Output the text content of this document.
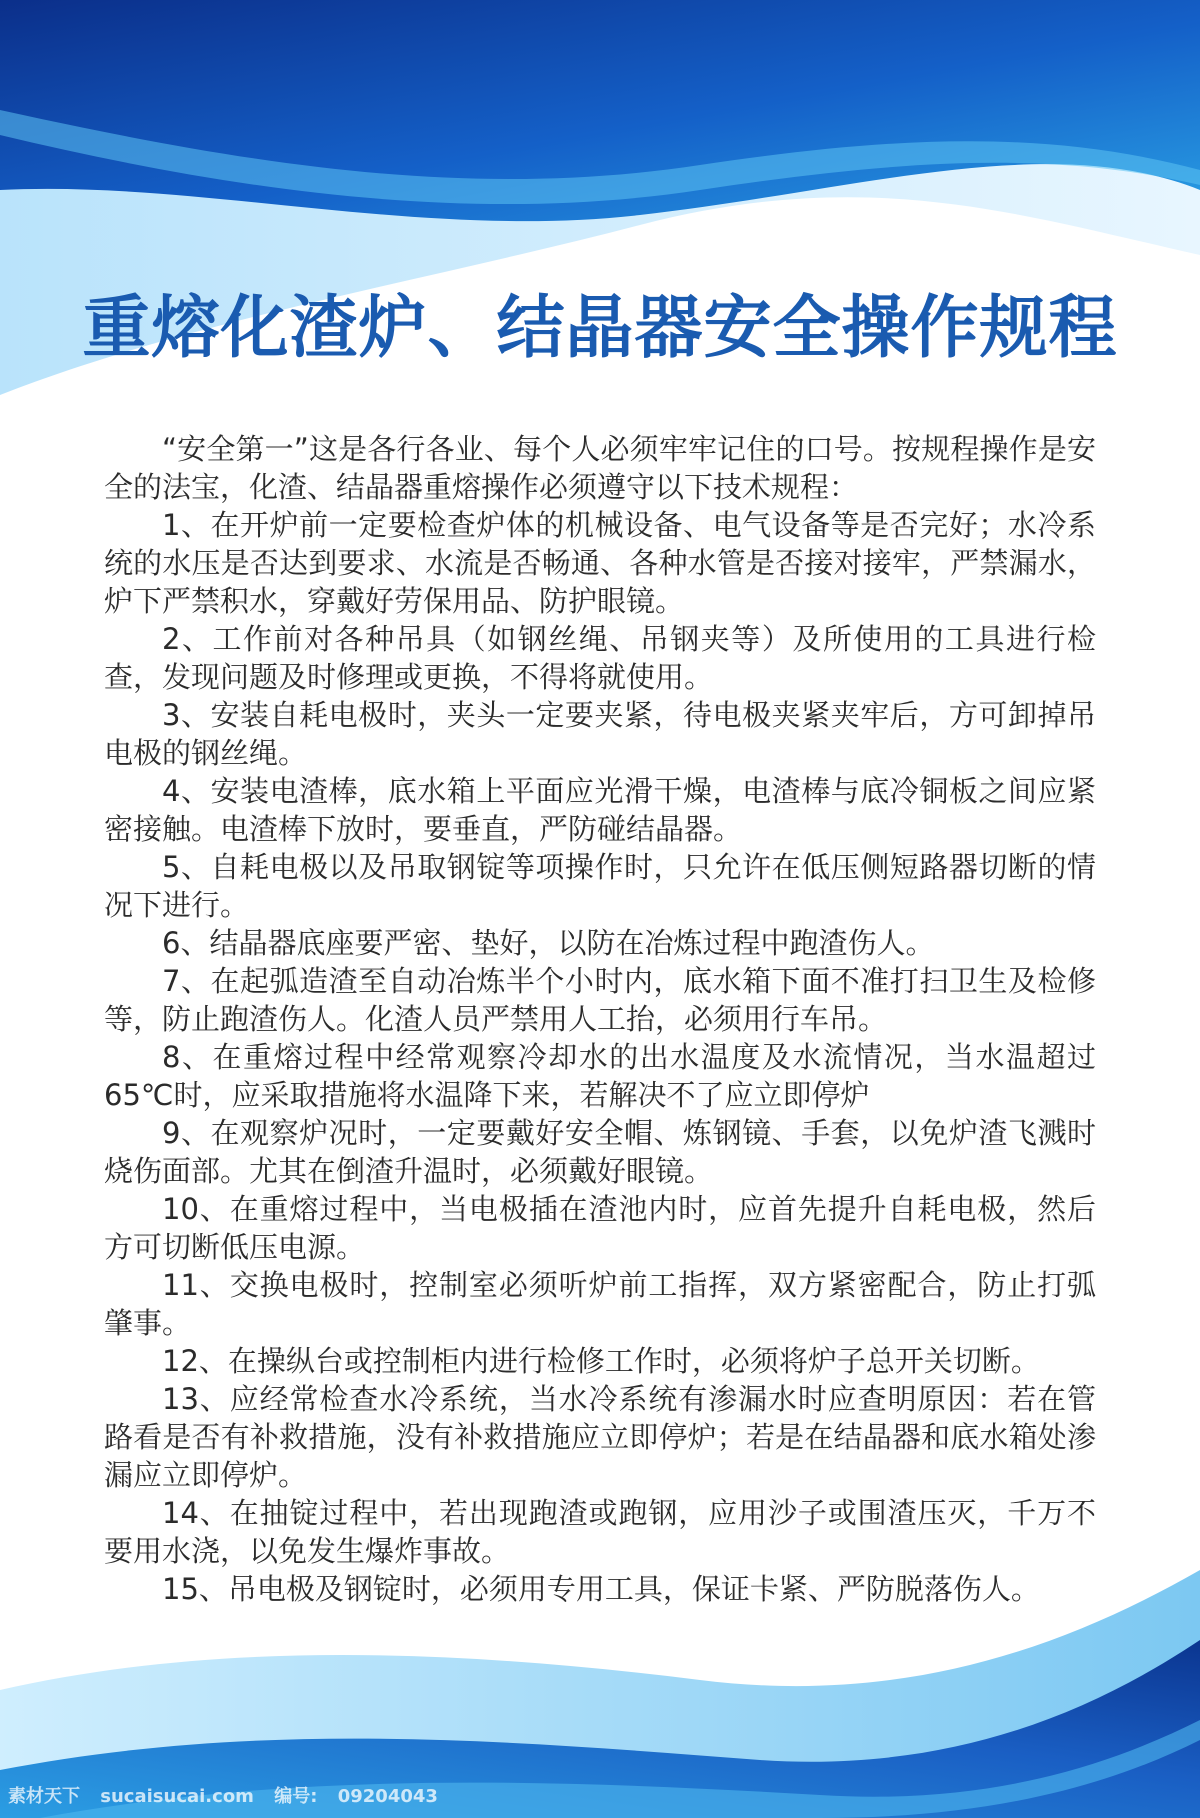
重熔化渣炉、结晶器安全操作规程

“安全第一”这是各行各业、每个人必须牢牢记住的口号。按规程操作是安全的法宝，化渣、结晶器重熔操作必须遵守以下技术规程：

1、在开炉前一定要检查炉体的机械设备、电气设备等是否完好；水冷系统的水压是否达到要求、水流是否畅通、各种水管是否接对接牢，严禁漏水，炉下严禁积水，穿戴好劳保用品、防护眼镜。

2、工作前对各种吊具（如钢丝绳、吊钢夹等）及所使用的工具进行检查，发现问题及时修理或更换，不得将就使用。

3、安装自耗电极时，夹头一定要夹紧，待电极夹紧夹牢后，方可卸掉吊电极的钢丝绳。

4、安装电渣棒，底水箱上平面应光滑干燥，电渣棒与底冷铜板之间应紧密接触。电渣棒下放时，要垂直，严防碰结晶器。

5、自耗电极以及吊取钢锭等项操作时，只允许在低压侧短路器切断的情况下进行。

6、结晶器底座要严密、垫好，以防在冶炼过程中跑渣伤人。

7、在起弧造渣至自动冶炼半个小时内，底水箱下面不准打扫卫生及检修等，防止跑渣伤人。化渣人员严禁用人工抬，必须用行车吊。

8、在重熔过程中经常观察冷却水的出水温度及水流情况，当水温超过65℃时，应采取措施将水温降下来，若解决不了应立即停炉

9、在观察炉况时，一定要戴好安全帽、炼钢镜、手套，以免炉渣飞溅时烧伤面部。尤其在倒渣升温时，必须戴好眼镜。

10、在重熔过程中，当电极插在渣池内时，应首先提升自耗电极，然后方可切断低压电源。

11、交换电极时，控制室必须听炉前工指挥，双方紧密配合，防止打弧肇事。

12、在操纵台或控制柜内进行检修工作时，必须将炉子总开关切断。

13、应经常检查水冷系统，当水冷系统有渗漏水时应查明原因：若在管路看是否有补救措施，没有补救措施应立即停炉；若是在结晶器和底水箱处渗漏应立即停炉。

14、在抽锭过程中，若出现跑渣或跑钢，应用沙子或围渣压灭，千万不要用水浇，以免发生爆炸事故。

15、吊电极及钢锭时，必须用专用工具，保证卡紧、严防脱落伤人。

素材天下 sucaisucai.com 编号: 09204043
